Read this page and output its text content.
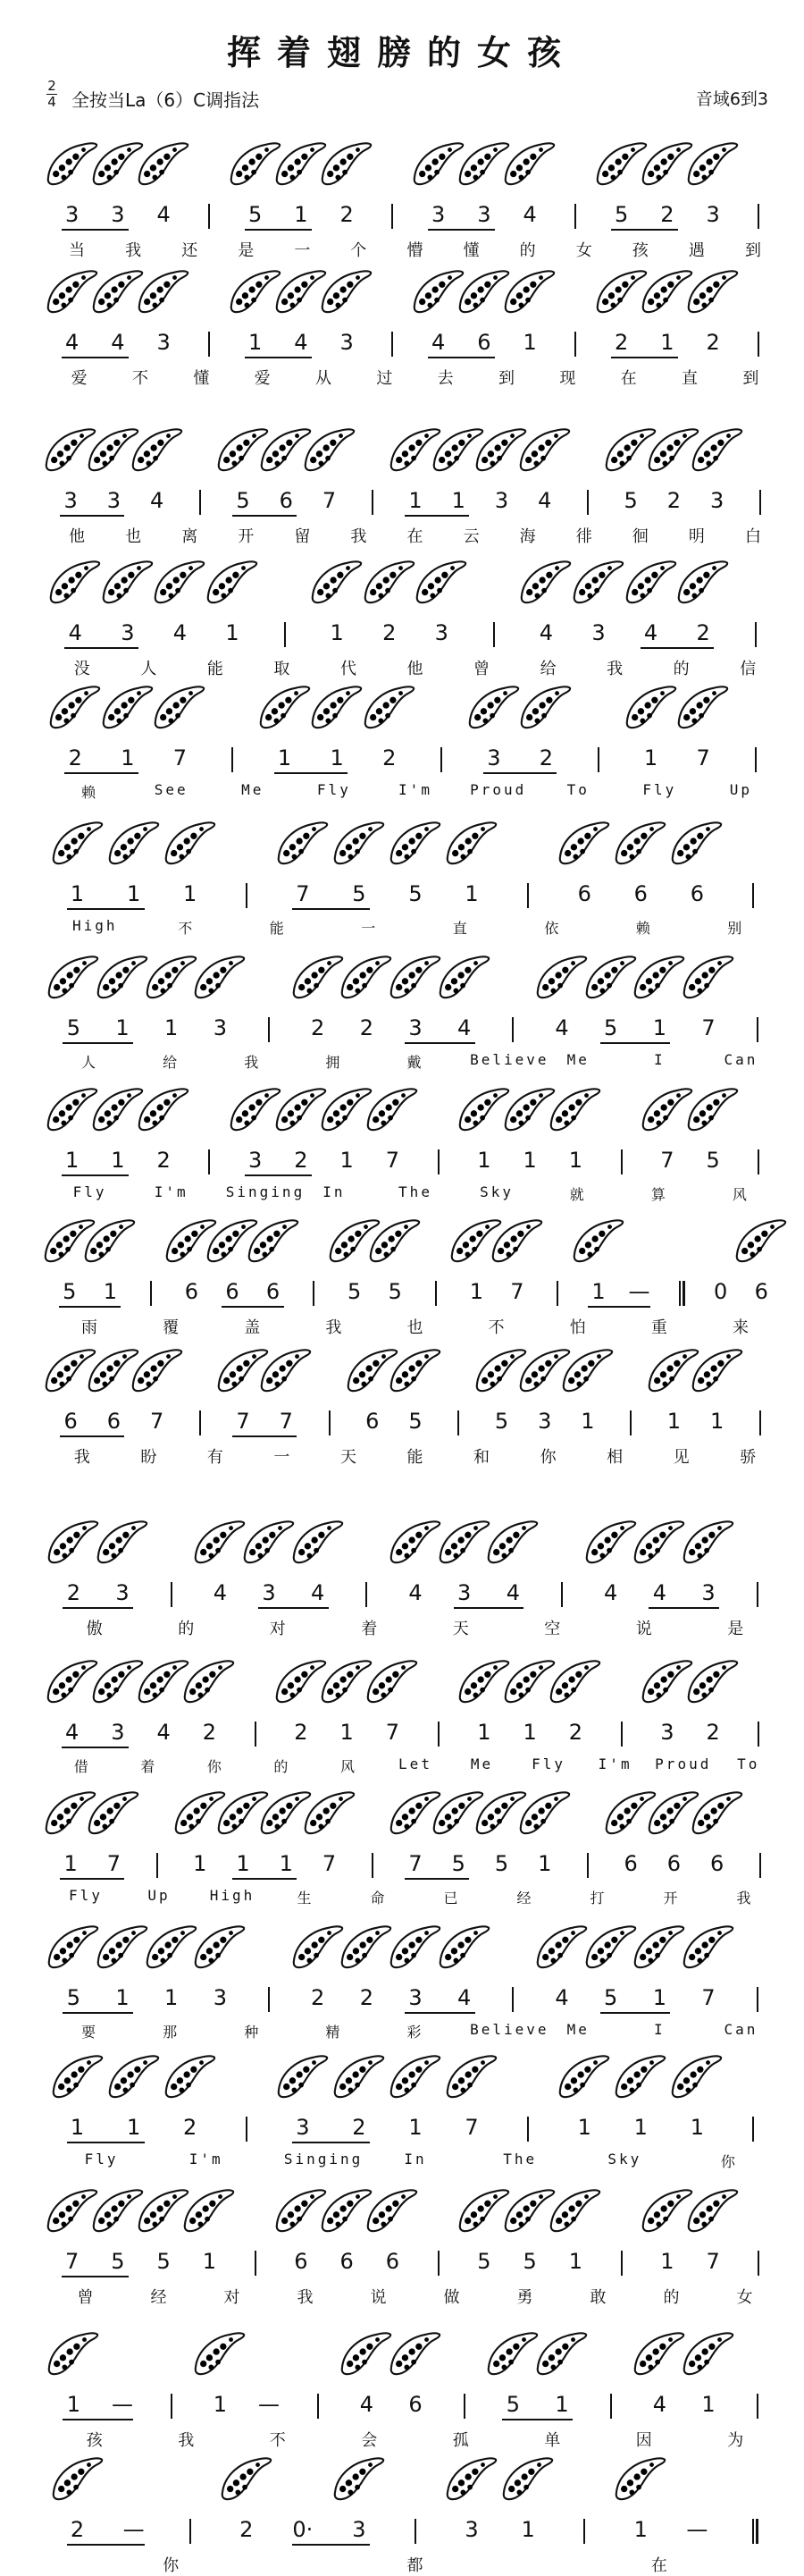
挥着翅膀的女孩
2
4 全按当La（6）C调指法	音域6到3
3	3	4	5	1	2	3	3	4	5	2	3
当	我	还	是	一	个	懵	懂	的	女	孩	遇	到
4	4	3	1	4	3	4	6	1	2	1	2
爱	不	懂	爱	从	过	去	到	现	在	直	到
3	3	4	5	6	7	1	1	3	4	5	2	3
他	也	离	开	留	我	在	云	海	徘	徊	明	白
4	3	4	1	1	2	3	4	3	4	2
没	人	能	取	代	他	曾	给	我	的	信
2	1	7	1	1	2	3	2	1	7
赖	See	Me	Fly	I'm	Proud	To	Fly	Up
1	1	1	7	5	5	1	6	6	6
High	不	能	一	直	依	赖	别
5	1	1	3	2	2	3	4	4	5	1	7
人	给	我	拥	戴	Believe	Me	I	Can
1	1	2	3	2	1	7	1	1	1	7	5
Fly	I'm	Singing	In	The	Sky	就	算	风
5	1	6	6	6	5	5	1	7	1	—	0	6
雨	覆	盖	我	也	不	怕	重	来
6	6	7	7	7	6	5	5	3	1	1	1
我	盼	有	一	天	能	和	你	相	见	骄
2	3	4	3	4	4	3	4	4	4	3
傲	的	对	着	天	空	说	是
4	3	4	2	2	1	7	1	1	2	3	2
借	着	你	的	风	Let	Me	Fly	I'm	Proud	To
1	7	1	1	1	7	7	5	5	1	6	6	6
Fly	Up	High	生	命	已	经	打	开	我
5	1	1	3	2	2	3	4	4	5	1	7
要	那	种	精	彩	Believe	Me	I	Can
1	1	2	3	2	1	7	1	1	1
Fly	I'm	Singing	In	The	Sky	你
7	5	5	1	6	6	6	5	5	1	1	7
曾	经	对	我	说	做	勇	敢	的	女
1	—	1	—	4	6	5	1	4	1
孩	我	不	会	孤	单	因	为
2	—	2	0·	3	3	1	1	—
你	都	在
